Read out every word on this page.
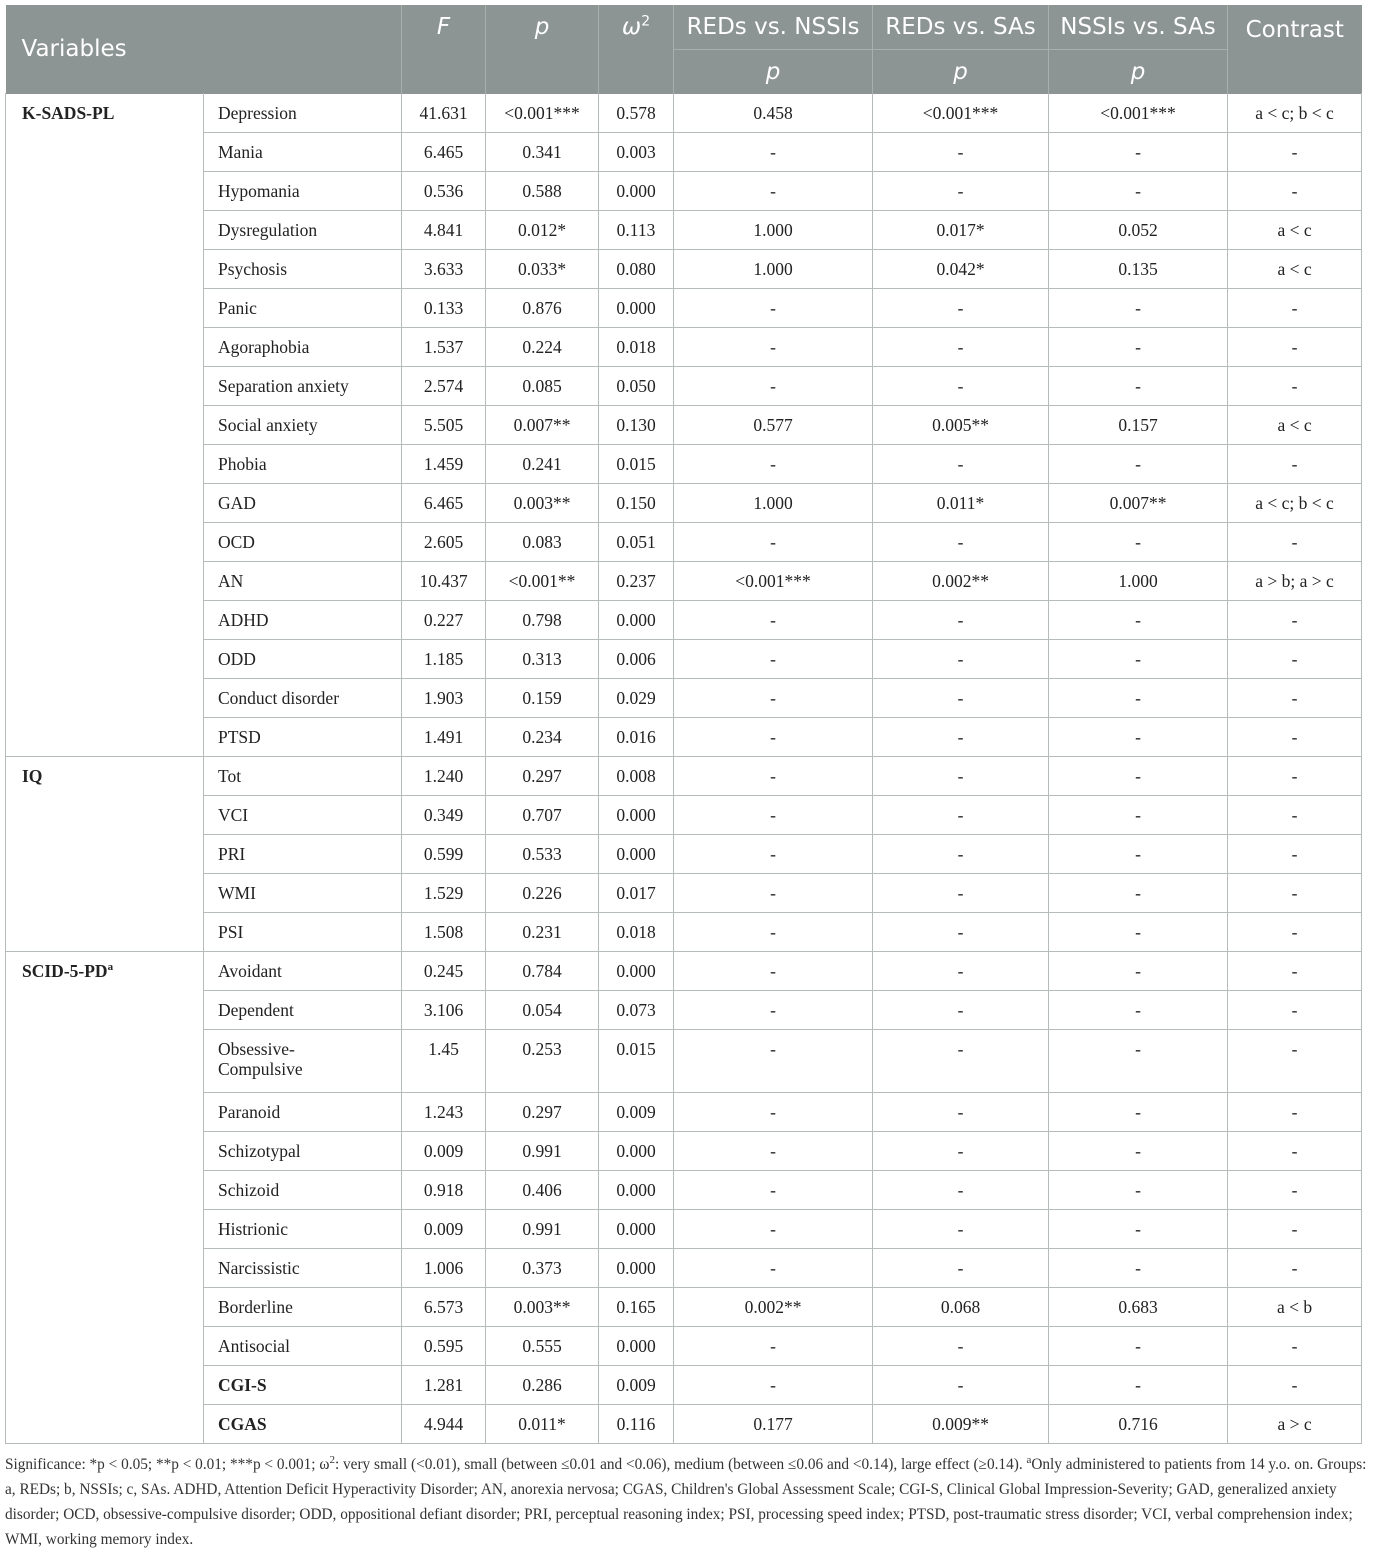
Variables		F	p	$\omega^2$	REDs vs. NSSIs	REDs vs. SAs	NSSIs vs. SAs	Contrast
					p	p	p	

K-SADS-PL	Depression	41.631	<0.001***	0.578	0.458	<0.001***	<0.001***	a < c; b < c

	Mania	6.465	0.341	0.003	-	-	-	-

	Hypomania	0.536	0.588	0.000	-	-	-	-

	Dysregulation	4.841	0.012*	0.113	1.000	0.017*	0.052	a < c

	Psychosis	3.633	0.033*	0.080	1.000	0.042*	0.135	a < c

	Panic	0.133	0.876	0.000	-	-	-	-

	Agoraphobia	1.537	0.224	0.018	-	-	-	-

	Separation anxiety	2.574	0.085	0.050	-	-	-	-

	Social anxiety	5.505	0.007**	0.130	0.577	0.005**	0.157	a < c

	Phobia	1.459	0.241	0.015	-	-	-	-

	GAD	6.465	0.003**	0.150	1.000	0.011*	0.007**	a < c; b < c

	OCD	2.605	0.083	0.051	-	-	-	-

	AN	10.437	<0.001**	0.237	<0.001***	0.002**	1.000	a > b; a > c

	ADHD	0.227	0.798	0.000	-	-	-	-

	ODD	1.185	0.313	0.006	-	-	-	-

	Conduct disorder	1.903	0.159	0.029	-	-	-	-

	PTSD	1.491	0.234	0.016	-	-	-	-

IQ	Tot	1.240	0.297	0.008	-	-	-	-

	VCI	0.349	0.707	0.000	-	-	-	-

	PRI	0.599	0.533	0.000	-	-	-	-

	WMI	1.529	0.226	0.017	-	-	-	-

	PSI	1.508	0.231	0.018	-	-	-	-

SCID-$5-PD^a$	Avoidant	0.245	0.784	0.000	-	-	-	-

	Dependent	3.106	0.054	0.073	-	-	-	-

	Obsessive-
Compulsive	1.45	0.253	0.015	-	-	-	-

	Paranoid	1.243	0.297	0.009	-	-	-	-

	Schizotypal	0.009	0.991	0.000	-	-	-	-

	Schizoid	0.918	0.406	0.000	-	-	-	-

	Histrionic	0.009	0.991	0.000	-	-	-	-

	Narcissistic	1.006	0.373	0.000	-	-	-	-

	Borderline	6.573	0.003**	0.165	0.002**	0.068	0.683	a < b

	Antisocial	0.595	0.555	0.000	-	-	-	-

	CGI-S	1.281	0.286	0.009	-	-	-	-

	CGAS	4.944	0.011*	0.116	0.177	0.009**	0.716	a > c
Significance: *p < 0.05; **p < 0.01; ***p < 0.001; $\omega^2$: very small (<0.01), small (between ≤0.01 and <0.06), medium (between ≤0.06 and <0.14), large effect (≥0.14). $^a$Only administered to patients from 14 y.o. on. Groups: a, REDs; b, NSSIs; c, SAs. ADHD, Attention Deficit Hyperactivity Disorder; AN, anorexia nervosa; CGAS, Children's Global Assessment Scale; CGI-S, Clinical Global Impression-Severity; GAD, generalized anxiety disorder; OCD, obsessive-compulsive disorder; ODD, oppositional defiant disorder; PRI, perceptual reasoning index; PSI, processing speed index; PTSD, post-traumatic stress disorder; VCI, verbal comprehension index; WMI, working memory index.
